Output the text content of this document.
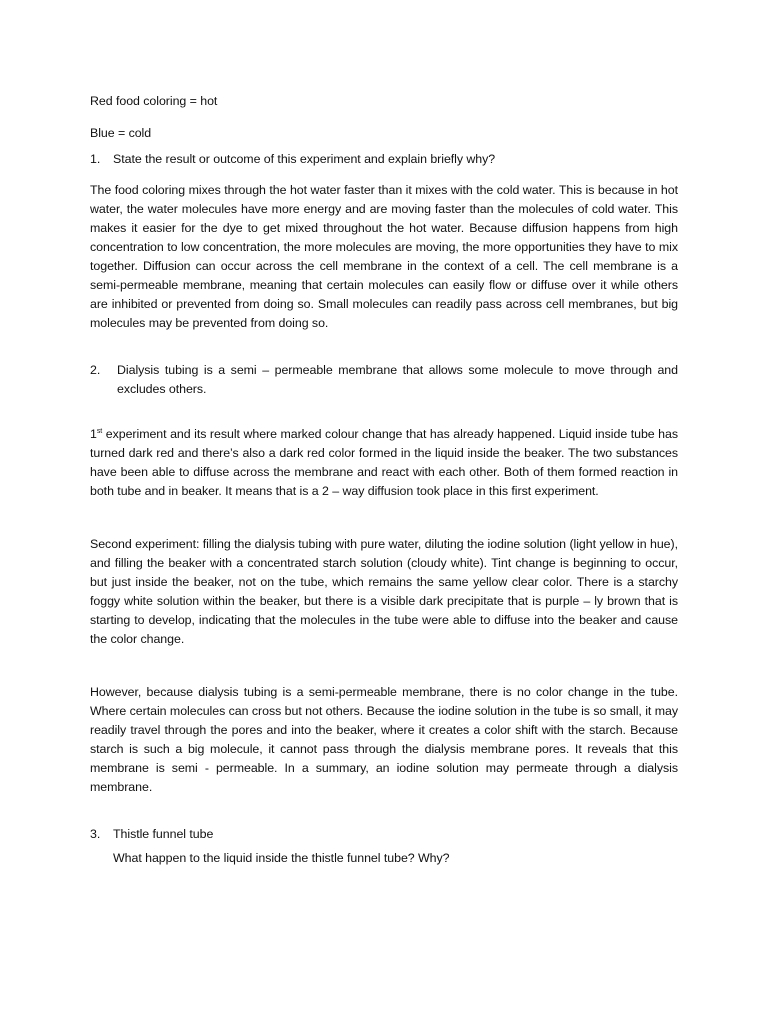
Red food coloring = hot
Blue = cold
1.	State the result or outcome of this experiment and explain briefly why?

The food coloring mixes through the hot water faster than it mixes with the cold water. This is because in hot water, the water molecules have more energy and are moving faster than the molecules of cold water. This makes it easier for the dye to get mixed throughout the hot water. Because diffusion happens from high concentration to low concentration, the more molecules are moving, the more opportunities they have to mix together. Diffusion can occur across the cell membrane in the context of a cell. The cell membrane is a semi-permeable membrane, meaning that certain molecules can easily flow or diffuse over it while others are inhibited or prevented from doing so. Small molecules can readily pass across cell membranes, but big molecules may be prevented from doing so.

2.	Dialysis tubing is a semi – permeable membrane that allows some molecule to move through and excludes others.

1st experiment and its result where marked colour change that has already happened. Liquid inside tube has turned dark red and there’s also a dark red color formed in the liquid inside the beaker. The two substances have been able to diffuse across the membrane and react with each other. Both of them formed reaction in both tube and in beaker. It means that is a 2 – way diffusion took place in this first experiment.

Second experiment: filling the dialysis tubing with pure water, diluting the iodine solution (light yellow in hue), and filling the beaker with a concentrated starch solution (cloudy white). Tint change is beginning to occur, but just inside the beaker, not on the tube, which remains the same yellow clear color. There is a starchy foggy white solution within the beaker, but there is a visible dark precipitate that is purple – ly brown that is starting to develop, indicating that the molecules in the tube were able to diffuse into the beaker and cause the color change.

However, because dialysis tubing is a semi-permeable membrane, there is no color change in the tube. Where certain molecules can cross but not others. Because the iodine solution in the tube is so small, it may readily travel through the pores and into the beaker, where it creates a color shift with the starch. Because starch is such a big molecule, it cannot pass through the dialysis membrane pores. It reveals that this membrane is semi - permeable. In a summary, an iodine solution may permeate through a dialysis membrane.

3.	Thistle funnel tube
What happen to the liquid inside the thistle funnel tube? Why?
